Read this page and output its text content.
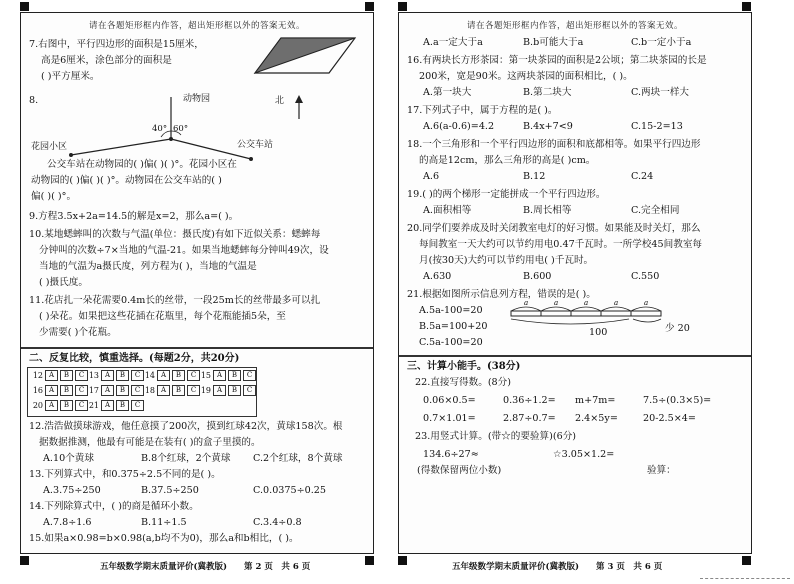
请在各题矩形框内作答，超出矩形框以外的答案无效。
7.右图中，平行四边形的面积是15厘米，
高是6厘米，涂色部分的面积是
( )平方厘米。
8.	动物园	北
40° 60°
花园小区	公交车站
公交车站在动物园的( )偏( )( )°。花园小区在
动物园的( )偏( )( )°。动物园在公交车站的( )
偏( )( )°。
9.方程3.5x+2a=14.5的解是x=2，那么a=( )。
10.某地蟋蟀叫的次数与气温(单位：摄氏度)有如下近似关系：蟋蟀每
分钟叫的次数÷7×当地的气温-21。如果当地蟋蟀每分钟叫49次，设
当地的气温为a摄氏度，列方程为( )，当地的气温是
( )摄氏度。
11.花店扎一朵花需要0.4m长的丝带，一段25m长的丝带最多可以扎
( )朵花。如果把这些花插在花瓶里，每个花瓶能插5朵，至
少需要( )个花瓶。
二、反复比较，慎重选择。(每题2分，共20分)
12 A	B	C 13 A	B	C 14 A	B	C 15 A	B	C
16 A	B	C 17 A	B	C 18 A	B	C 19 A	B	C
20 A	B	C 21 A	B	C
12.浩浩做摸球游戏，他任意摸了200次，摸到红球42次，黄球158次。根
据数据推测，他最有可能是在装有( )的盒子里摸的。
A.10个黄球	B.8个红球，2个黄球 C.2个红球，8个黄球
13.下列算式中，和0.375÷2.5不同的是( )。
A.3.75÷250	B.37.5÷250	C.0.0375÷0.25
14.下列除算式中，( )的商是循环小数。
A.7.8÷1.6	B.11÷1.5	C.3.4÷0.8
15.如果a×0.98=b×0.98(a,b均不为0)，那么a和b相比，( )。
五年级数学期末质量评价(冀教版)　　第 2 页　共 6 页
请在各题矩形框内作答，超出矩形框以外的答案无效。
A.a一定大于a	B.b可能大于a	C.b一定小于a
16.有两块长方形茶园：第一块茶园的面积是2公顷；第二块茶园的长是
200米，宽是90米。这两块茶园的面积相比，( )。
A.第一块大	B.第二块大	C.两块一样大
17.下列式子中，属于方程的是( )。
A.6(a-0.6)=4.2	B.4x+7<9	C.15-2=13
18.一个三角形和一个平行四边形的面积和底都相等。如果平行四边形
的高是12cm，那么三角形的高是( )cm。
A.6	B.12	C.24
19.( )的两个梯形一定能拼成一个平行四边形。
A.面积相等	B.周长相等	C.完全相同
20.同学们要养成及时关闭教室电灯的好习惯。如果能及时关灯，那么
每间教室一天大约可以节约用电0.47千瓦时。一所学校45间教室每
月(按30天)大约可以节约用电( )千瓦时。
A.630	B.600	C.550
21.根据如图所示信息列方程，错误的是( )。
A.5a-100=20
B.5a=100+20
C.5a-100=20
a	a	a	a	a
100	少 20
三、计算小能手。(38分)
22.直接写得数。(8分)
0.06×0.5=	0.36÷1.2= m+7m=	7.5÷(0.3×5)=
0.7×1.01=	2.87÷0.7= 2.4×5y=	20-2.5×4=
23.用竖式计算。(带☆的要验算)(6分)
134.6÷27≈	☆3.05×1.2=
(得数保留两位小数)	验算：
五年级数学期末质量评价(冀教版)　　第 3 页　共 6 页
